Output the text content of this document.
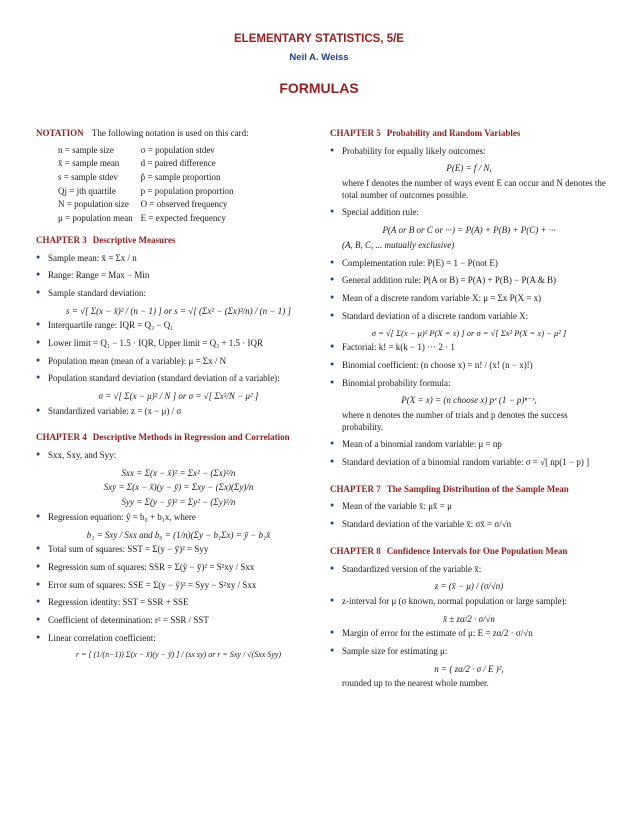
ELEMENTARY STATISTICS, 5/E
Neil A. Weiss
FORMULAS
NOTATION The following notation is used on this card:
n = sample size	σ = population stdev
x̄ = sample mean	d = paired difference
s = sample stdev	p̂ = sample proportion
Qj = jth quartile	p = population proportion
N = population size	O = observed frequency
μ = population mean	E = expected frequency
CHAPTER 3 Descriptive Measures
● Sample mean: x̄ = Σx / n
● Range: Range = Max − Min
● Sample standard deviation:
s = √[ Σ(x − x̄)² / (n − 1) ] or s = √[ (Σx² − (Σx)²/n) / (n − 1) ]
● Interquartile range: IQR = Q₃ − Q₁
● Lower limit = Q₁ − 1.5 · IQR, Upper limit = Q₃ + 1.5 · IQR
● Population mean (mean of a variable): μ = Σx / N
● Population standard deviation (standard deviation of a variable):
σ = √[ Σ(x − μ)² / N ] or σ = √[ Σx²/N − μ² ]
● Standardized variable: z = (x − μ) / σ
CHAPTER 4 Descriptive Methods in Regression and Correlation
● Sxx, Sxy, and Syy:
Sxx = Σ(x − x̄)² = Σx² − (Σx)²/n
Sxy = Σ(x − x̄)(y − ȳ) = Σxy − (Σx)(Σy)/n
Syy = Σ(y − ȳ)² = Σy² − (Σy)²/n
● Regression equation: ŷ = b₀ + b₁x, where
b₁ = Sxy / Sxx and b₀ = (1/n)(Σy − b₁Σx) = ȳ − b₁x̄
● Total sum of squares: SST = Σ(y − ȳ)² = Syy
● Regression sum of squares: SSR = Σ(ŷ − ȳ)² = S²xy / Sxx
● Error sum of squares: SSE = Σ(y − ŷ)² = Syy − S²xy / Sxx
● Regression identity: SST = SSR + SSE
● Coefficient of determination: r² = SSR / SST
● Linear correlation coefficient:
r = [ (1/(n−1)) Σ(x − x̄)(y − ȳ) ] / (sx sy) or r = Sxy / √(Sxx Syy)
CHAPTER 5 Probability and Random Variables
● Probability for equally likely outcomes:
P(E) = f / N,
where f denotes the number of ways event E can occur and N denotes the total number of outcomes possible.
● Special addition rule:
P(A or B or C or ···) = P(A) + P(B) + P(C) + ···
(A, B, C, ... mutually exclusive)
● Complementation rule: P(E) = 1 − P(not E)
● General addition rule: P(A or B) = P(A) + P(B) − P(A & B)
● Mean of a discrete random variable X: μ = Σx P(X = x)
● Standard deviation of a discrete random variable X:
σ = √[ Σ(x − μ)² P(X = x) ] or σ = √[ Σx² P(X = x) − μ² ]
● Factorial: k! = k(k − 1) ··· 2 · 1
● Binomial coefficient: (n choose x) = n! / (x! (n − x)!)
● Binomial probability formula:
P(X = x) = (n choose x) pˣ (1 − p)ⁿ⁻ˣ,
where n denotes the number of trials and p denotes the success probability.
● Mean of a binomial random variable: μ = np
● Standard deviation of a binomial random variable: σ = √[ np(1 − p) ]
CHAPTER 7 The Sampling Distribution of the Sample Mean
● Mean of the variable x̄: μx̄ = μ
● Standard deviation of the variable x̄: σx̄ = σ/√n
CHAPTER 8 Confidence Intervals for One Population Mean
● Standardized version of the variable x̄:
z = (x̄ − μ) / (σ/√n)
● z-interval for μ (σ known, normal population or large sample):
x̄ ± zα/2 · σ/√n
● Margin of error for the estimate of μ: E = zα/2 · σ/√n
● Sample size for estimating μ:
n = ( zα/2 · σ / E )²,
rounded up to the nearest whole number.
